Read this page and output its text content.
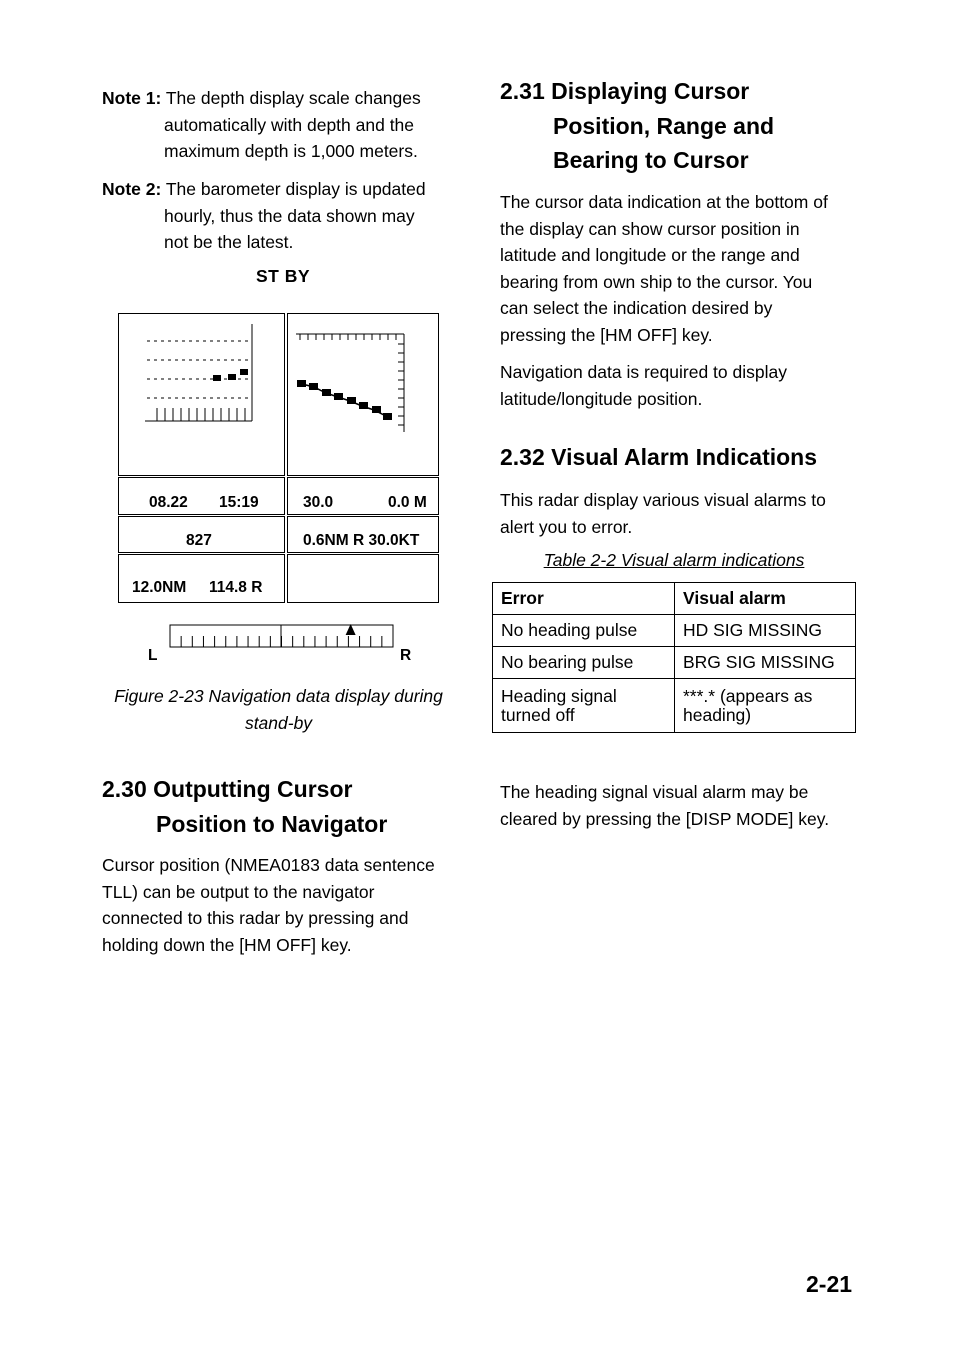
Note 1: The depth display scale changes
automatically with depth and the
maximum depth is 1,000 meters.
Note 2: The barometer display is updated
hourly, thus the data shown may
not be the latest.
ST BY
08.22 15:19	30.0	0.0 M
827	0.6NM R 30.0KT
12.0NM 114.8 R
L	R
Figure 2-23 Navigation data display during
stand-by
2.30 Outputting Cursor
Position to Navigator
Cursor position (NMEA0183 data sentence
TLL) can be output to the navigator
connected to this radar by pressing and
holding down the [HM OFF] key.
2.31 Displaying Cursor
Position, Range and
Bearing to Cursor
The cursor data indication at the bottom of
the display can show cursor position in
latitude and longitude or the range and
bearing from own ship to the cursor. You
can select the indication desired by
pressing the [HM OFF] key.
Navigation data is required to display
latitude/longitude position.
2.32 Visual Alarm Indications
This radar display various visual alarms to
alert you to error.
Table 2-2 Visual alarm indications
Error	Visual alarm
No heading pulse	HD SIG MISSING
No bearing pulse	BRG SIG MISSING

Heading signal
turned off	***.* (appears as
heading)
The heading signal visual alarm may be
cleared by pressing the [DISP MODE] key.
2-21
